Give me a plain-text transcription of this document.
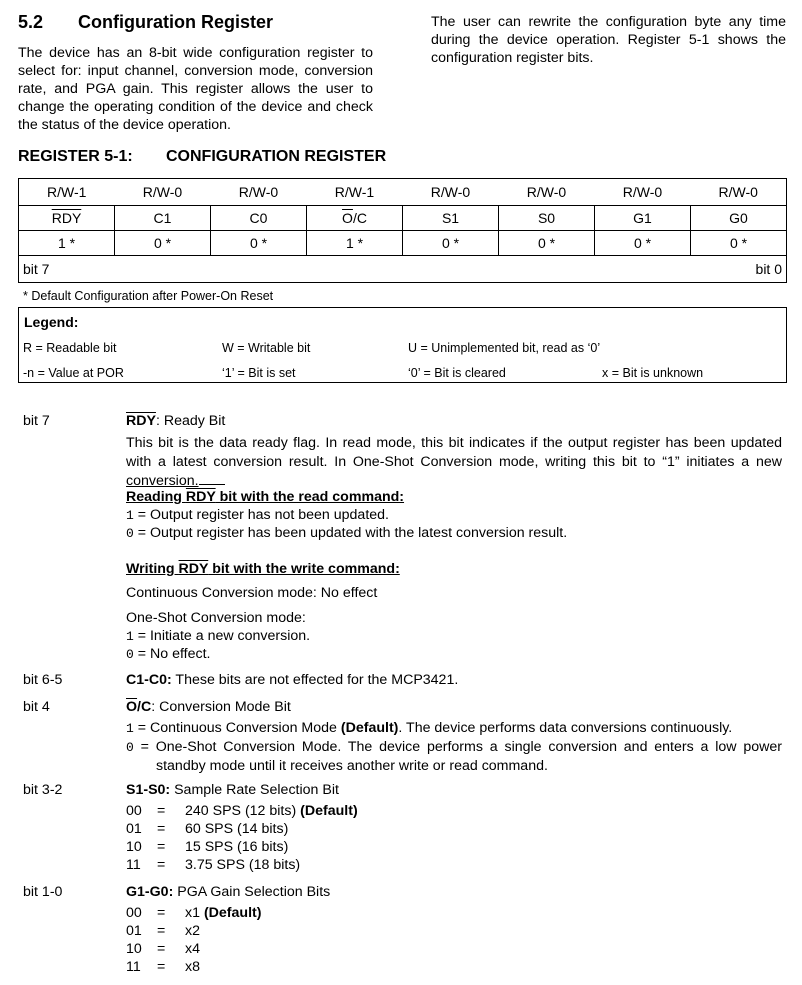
5.2 Configuration Register
The device has an 8-bit wide configuration register to select for: input channel, conversion mode, conversion rate, and PGA gain. This register allows the user to change the operating condition of the device and check the status of the device operation.
The user can rewrite the configuration byte any time during the device operation. Register 5-1 shows the configuration register bits.
REGISTER 5-1: CONFIGURATION REGISTER
R/W-1	R/W-0	R/W-0	R/W-1	R/W-0	R/W-0	R/W-0	R/W-0
$\overline{RDY}$	C1	C0	$\overline{O}/C$	S1	S0	G1	G0
1 *	0 *	0 *	1 *	0 *	0 *	0 *	0 *
bit 7				bit 0			
* Default Configuration after Power-On Reset
Legend:
R = Readable bit	W = Writable bit	U = Unimplemented bit, read as ‘0’
-n = Value at POR	‘1’ = Bit is set	‘0’ = Bit is cleared	x = Bit is unknown
bit 7	$\overline{RDY}$: Ready Bit
This bit is the data ready flag. In read mode, this bit indicates if the output register has been updated
with a latest conversion result. In One-Shot Conversion mode, writing this bit to “1” initiates a new
conversion.
Reading RDY bit with the read command:
1 = Output register has not been updated.
0 = Output register has been updated with the latest conversion result.
Writing RDY bit with the write command:
Continuous Conversion mode: No effect
One-Shot Conversion mode:
1 = Initiate a new conversion.
0 = No effect.
bit 6-5	C1-C0: These bits are not effected for the MCP3421.
bit 4	$\overline{O}/C$: Conversion Mode Bit
1 = Continuous Conversion Mode (Default). The device performs data conversions continuously.
0 = One-Shot Conversion Mode. The device performs a single conversion and enters a low power
standby mode until it receives another write or read command.
bit 3-2	S1-S0: Sample Rate Selection Bit
00 = 240 SPS (12 bits) (Default)
01 = 60 SPS (14 bits)
10 = 15 SPS (16 bits)
11 = 3.75 SPS (18 bits)
bit 1-0	G1-G0: PGA Gain Selection Bits
00 = x1 (Default)
01 = x2
10 = x4
11 = x8
